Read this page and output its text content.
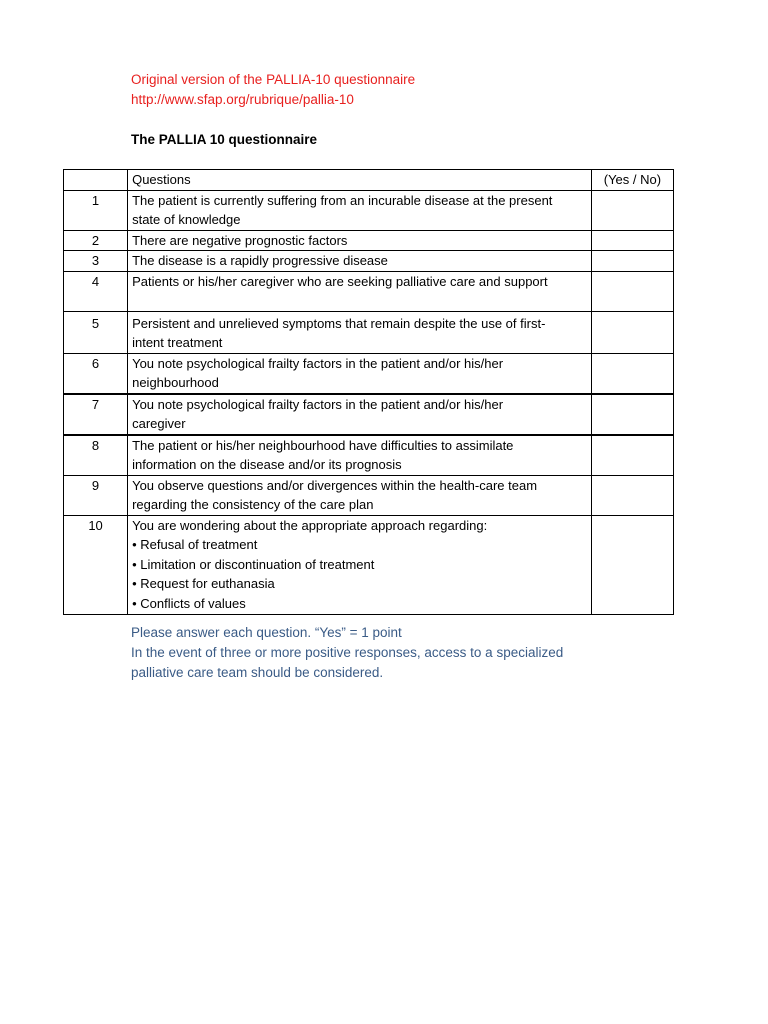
Original version of the PALLIA-10 questionnaire
http://www.sfap.org/rubrique/pallia-10
The PALLIA 10 questionnaire
	Questions	(Yes / No)
1	The patient is currently suffering from an incurable disease at the present
state of knowledge	

2	There are negative prognostic factors	

3	The disease is a rapidly progressive disease	

4	Patients or his/her caregiver who are seeking palliative care and support	

5	Persistent and unrelieved symptoms that remain despite the use of first-
intent treatment	

6	You note psychological frailty factors in the patient and/or his/her
neighbourhood	

7	You note psychological frailty factors in the patient and/or his/her
caregiver	

8	The patient or his/her neighbourhood have difficulties to assimilate
information on the disease and/or its prognosis	

9	You observe questions and/or divergences within the health-care team
regarding the consistency of the care plan	

10	You are wondering about the appropriate approach regarding:
• Refusal of treatment
• Limitation or discontinuation of treatment
• Request for euthanasia
• Conflicts of values	

Please answer each question. “Yes” = 1 point
In the event of three or more positive responses, access to a specialized
palliative care team should be considered.
